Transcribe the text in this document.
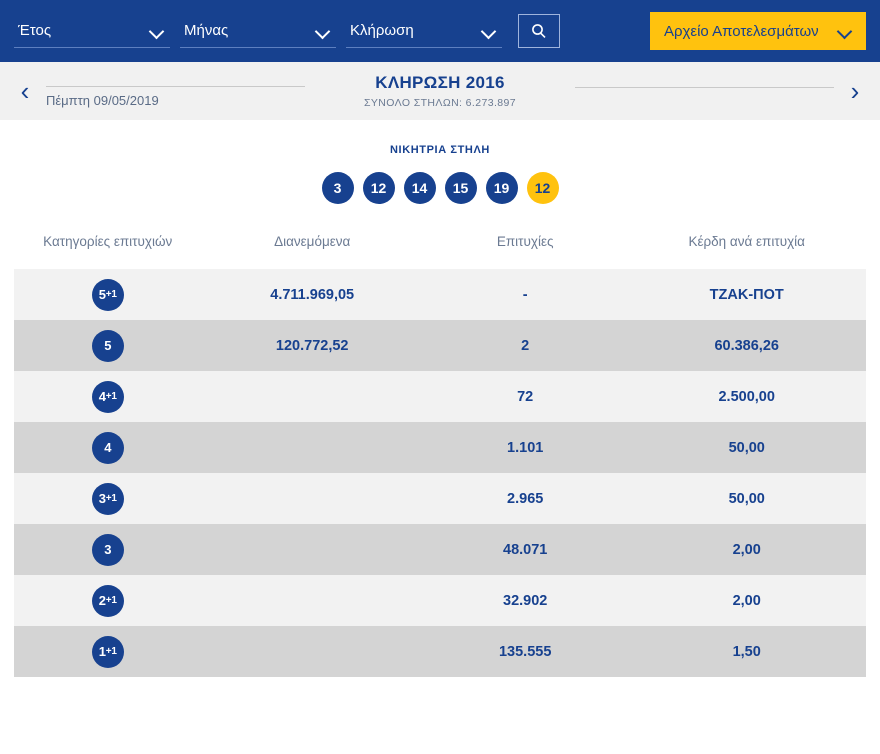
Έτος	Μήνας	Κλήρωση	Αρχείο Αποτελεσμάτων
‹	Πέμπτη 09/05/2019
ΚΛΗΡΩΣΗ 2016
ΣΥΝΟΛΟ ΣΤΗΛΩΝ: 6.273.897	›
ΝΙΚΗΤΡΙΑ ΣΤΗΛΗ
3	12	14	15	19	12
Κατηγορίες επιτυχιών	Διανεμόμενα	Επιτυχίες	Κέρδη ανά επιτυχία
5 +1	4.711.969,05	-	ΤΖΑΚ-ΠΟΤ
5	120.772,52	2	60.386,26
4 +1		72	2.500,00
4		1.101	50,00
3 +1		2.965	50,00
3		48.071	2,00
2 +1		32.902	2,00
1 +1		135.555	1,50
